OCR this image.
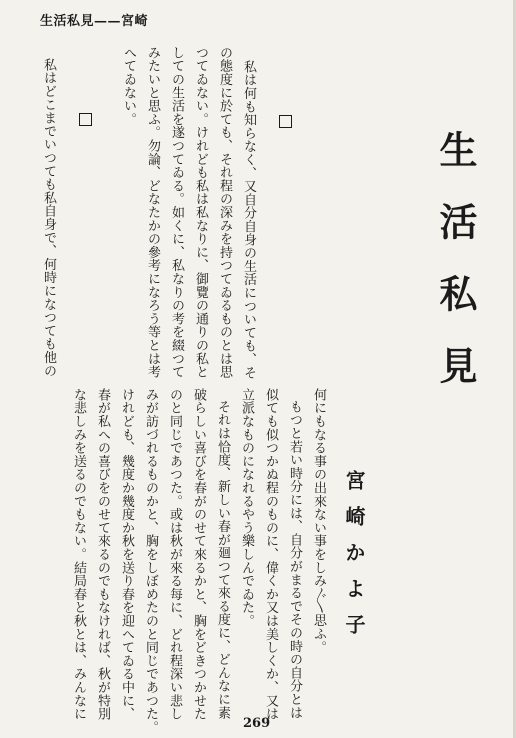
生活私見——宮崎
生活私見
宮崎かよ子
何にもなる事の出來ない事をしみ〴〵思ふ。
もつと若い時分には、自分がまるでその時の自分とは
似ても似つかぬ程のものに、偉くか又は美しくか、又は
立派なものになれるやう樂しんでゐた。
それは恰度、新しい春が廻つて來る度に、どんなに素
破らしい喜びを春がのせて來るかと、胸をどきつかせた
のと同じであつた。或は秋が來る每に、どれ程深い悲し
みが訪づれるものかと、胸をしぼめたのと同じであつた。
けれども、幾度か幾度か秋を送り春を迎へてゐる中に、
春が私への喜びをのせて來るのでもなければ、秋が特別
な悲しみを送るのでもない。結局春と秋とは、みんなに
私は何も知らなく、又自分自身の生活についても、そ
の態度に於ても、それ程の深みを持つてゐるものとは思
つてゐない。けれども私は私なりに、御覽の通りの私と
しての生活を遂つてゐる。如くに、私なりの考を綴つて
みたいと思ふ。勿論、どなたかの參考になろう等とは考
へてゐない。
私はどこまでいつても私自身で、何時になつても他の
269
